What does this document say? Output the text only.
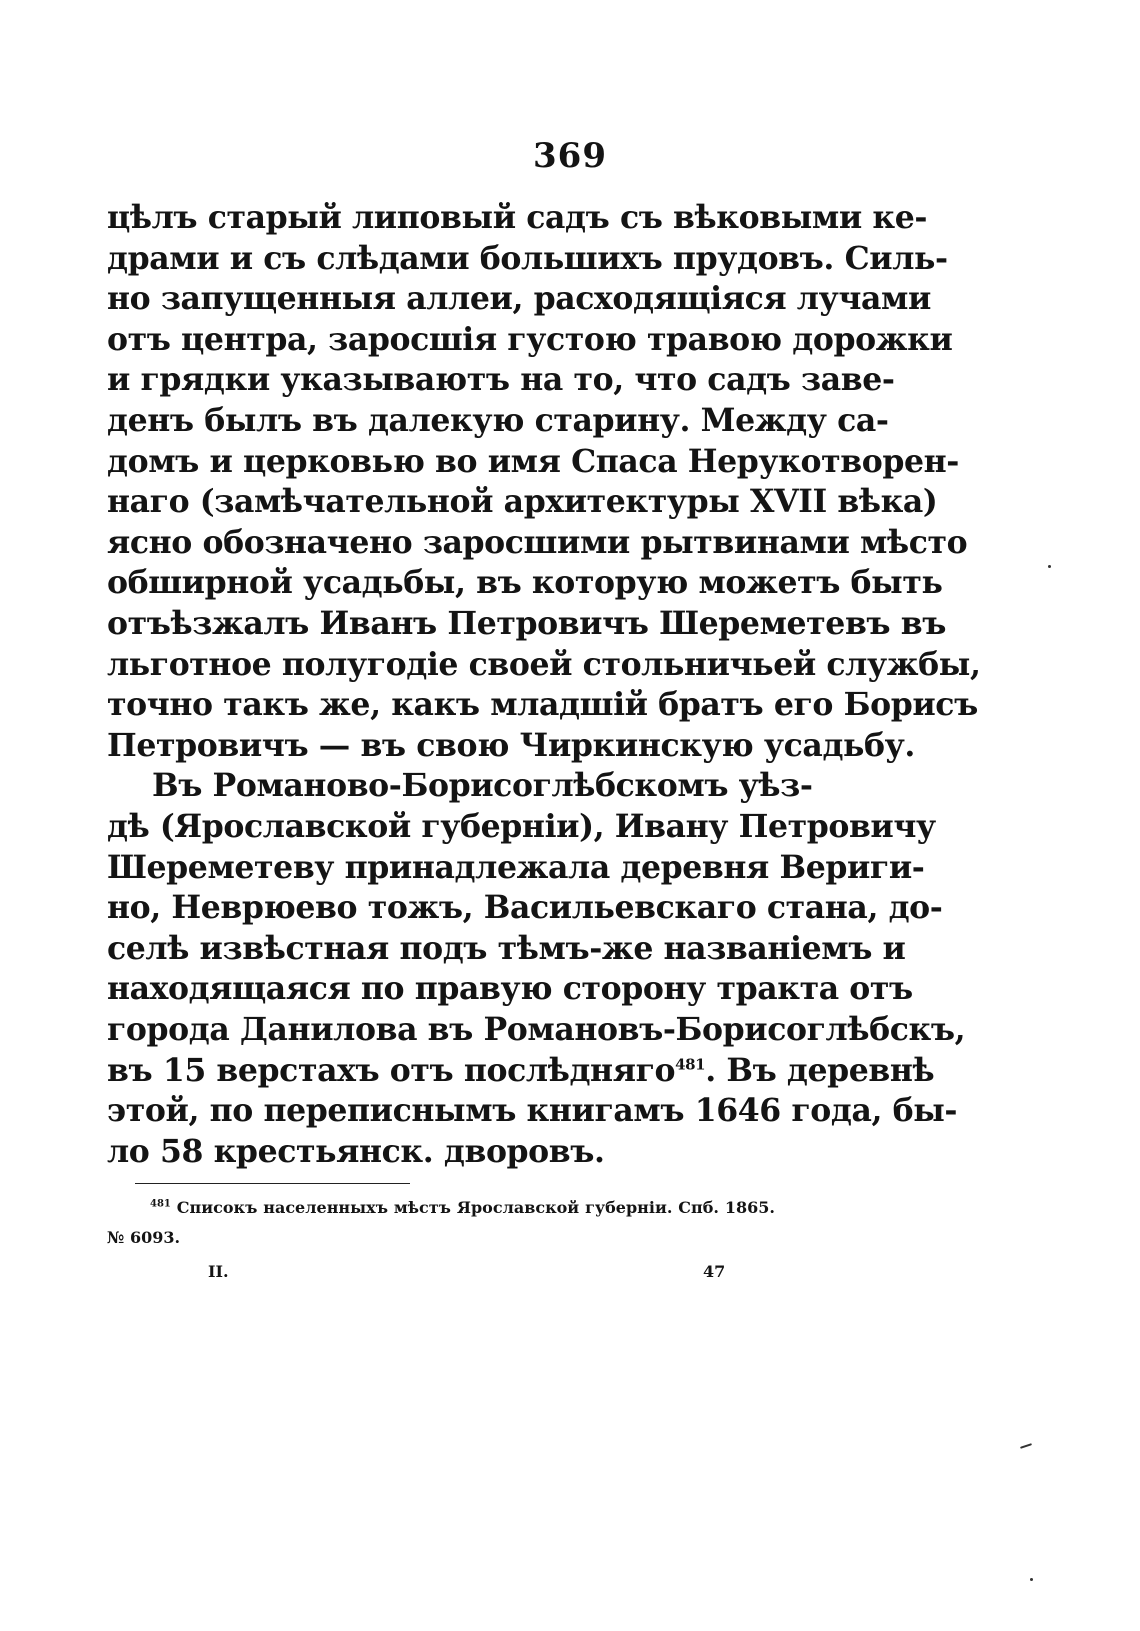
369
цѣлъ старый липовый садъ съ вѣковыми ке-
драми и съ слѣдами большихъ прудовъ. Силь-
но запущенныя аллеи, расходящіяся лучами
отъ центра, заросшія густою травою дорожки
и грядки указываютъ на то, что садъ заве-
денъ былъ въ далекую старину. Между са-
домъ и церковью во имя Спаса Нерукотворен-
наго (замѣчательной архитектуры XVII вѣка)
ясно обозначено заросшими рытвинами мѣсто
обширной усадьбы, въ которую можетъ быть
отъѣзжалъ Иванъ Петровичъ Шереметевъ въ
льготное полугодіе своей стольничьей службы,
точно такъ же, какъ младшій братъ его Борисъ
Петровичъ — въ свою Чиркинскую усадьбу.
Въ Романово-Борисоглѣбскомъ уѣз-
дѣ (Ярославской губерніи), Ивану Петровичу
Шереметеву принадлежала деревня Вериги-
но, Неврюево тожъ, Васильевскаго стана, до-
селѣ извѣстная подъ тѣмъ-же названіемъ и
находящаяся по правую сторону тракта отъ
города Данилова въ Романовъ-Борисоглѣбскъ,
въ 15 верстахъ отъ послѣдняго$^{481}$. Въ деревнѣ
этой, по переписнымъ книгамъ 1646 года, бы-
ло 58 крестьянск. дворовъ.
$^{481}$ Списокъ населенныхъ мѣстъ Ярославской губерніи. Спб. 1865.
№ 6093.
II.	47
